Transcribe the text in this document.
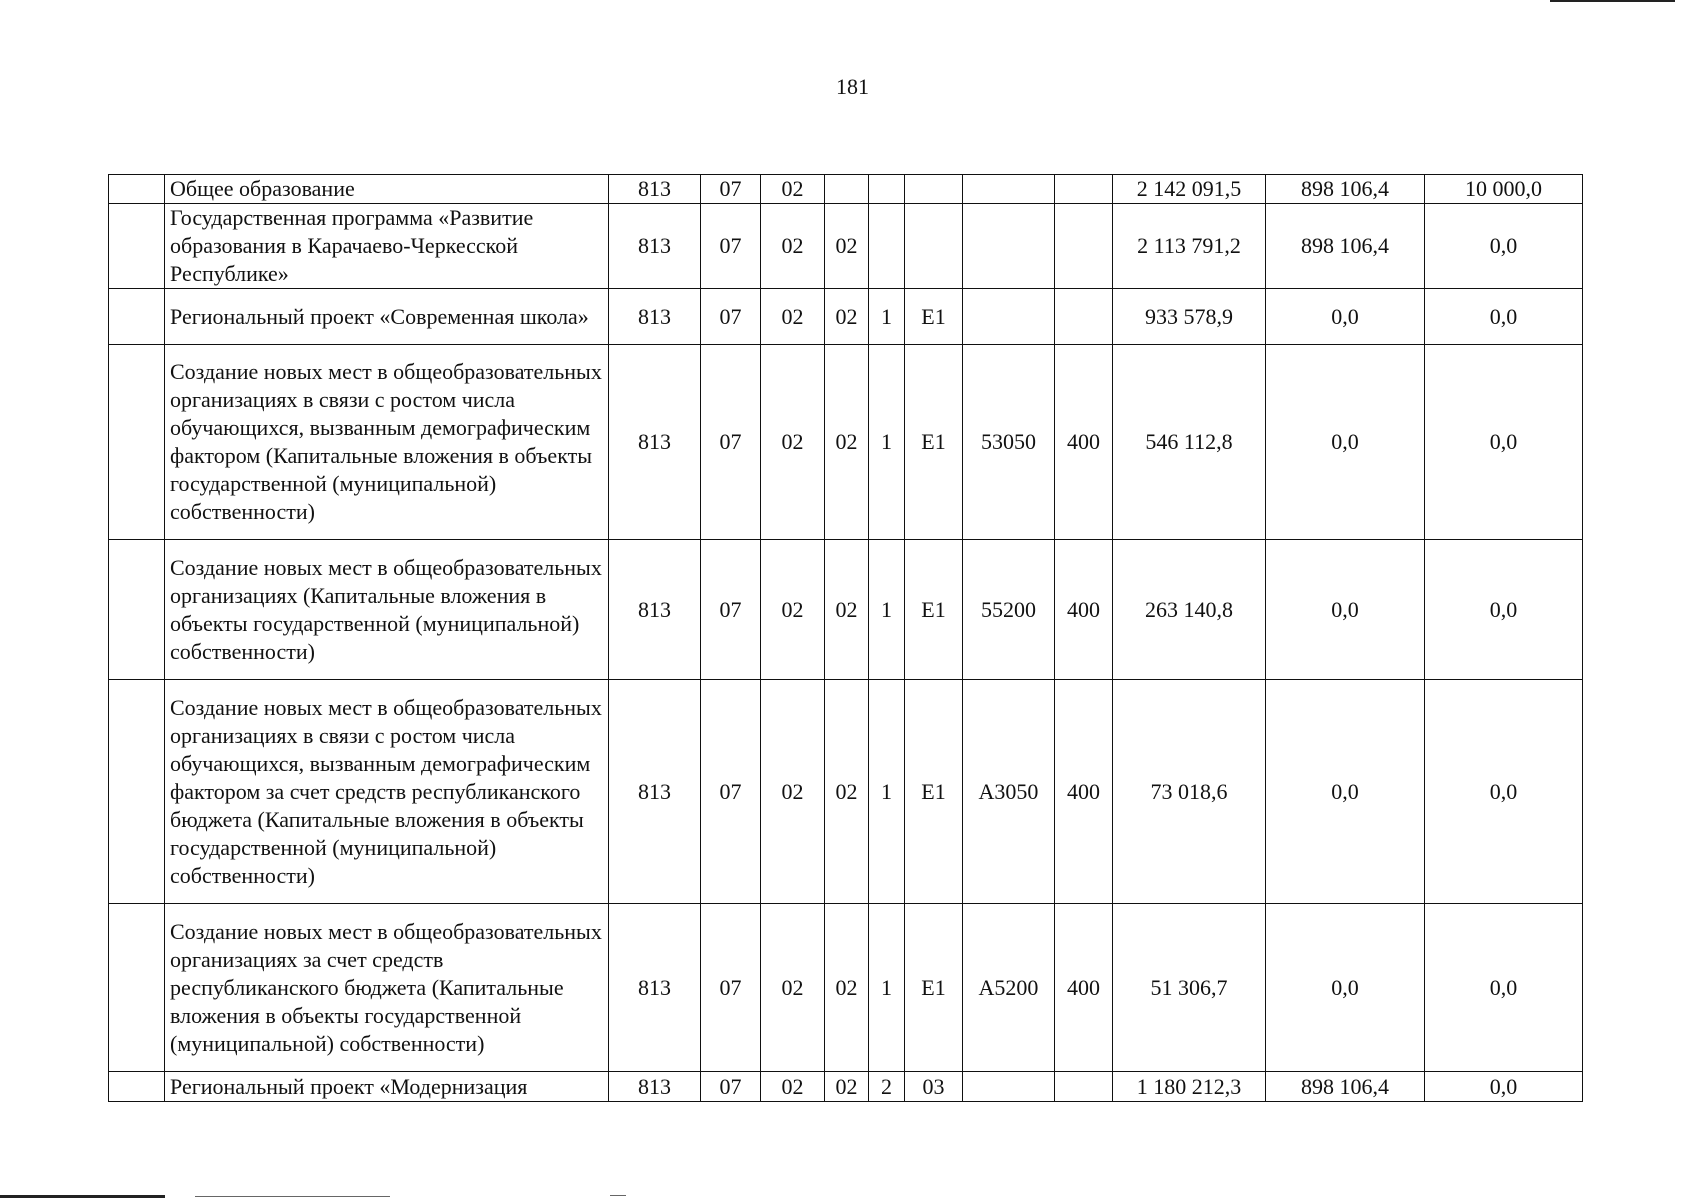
181
	Общее образование	813	07	02						2 142 091,5	898 106,4	10 000,0
	Государственная программа «Развитие образования в Карачаево-Черкесской Республике»	813	07	02	02					2 113 791,2	898 106,4	0,0
	Региональный проект «Современная школа»	813	07	02	02	1	E1			933 578,9	0,0	0,0
	Создание новых мест в общеобразовательных организациях в связи с ростом числа обучающихся, вызванным демографическим фактором (Капитальные вложения в объекты государственной (муниципальной) собственности)	813	07	02	02	1	E1	53050	400	546 112,8	0,0	0,0
	Создание новых мест в общеобразовательных организациях (Капитальные вложения в объекты государственной (муниципальной) собственности)	813	07	02	02	1	E1	55200	400	263 140,8	0,0	0,0
	Создание новых мест в общеобразовательных организациях в связи с ростом числа обучающихся, вызванным демографическим фактором за счет средств республиканского бюджета (Капитальные вложения в объекты государственной (муниципальной) собственности)	813	07	02	02	1	E1	A3050	400	73 018,6	0,0	0,0
	Создание новых мест в общеобразовательных организациях за счет средств республиканского бюджета (Капитальные вложения в объекты государственной (муниципальной) собственности)	813	07	02	02	1	E1	A5200	400	51 306,7	0,0	0,0
	Региональный проект «Модернизация	813	07	02	02	2	03			1 180 212,3	898 106,4	0,0
